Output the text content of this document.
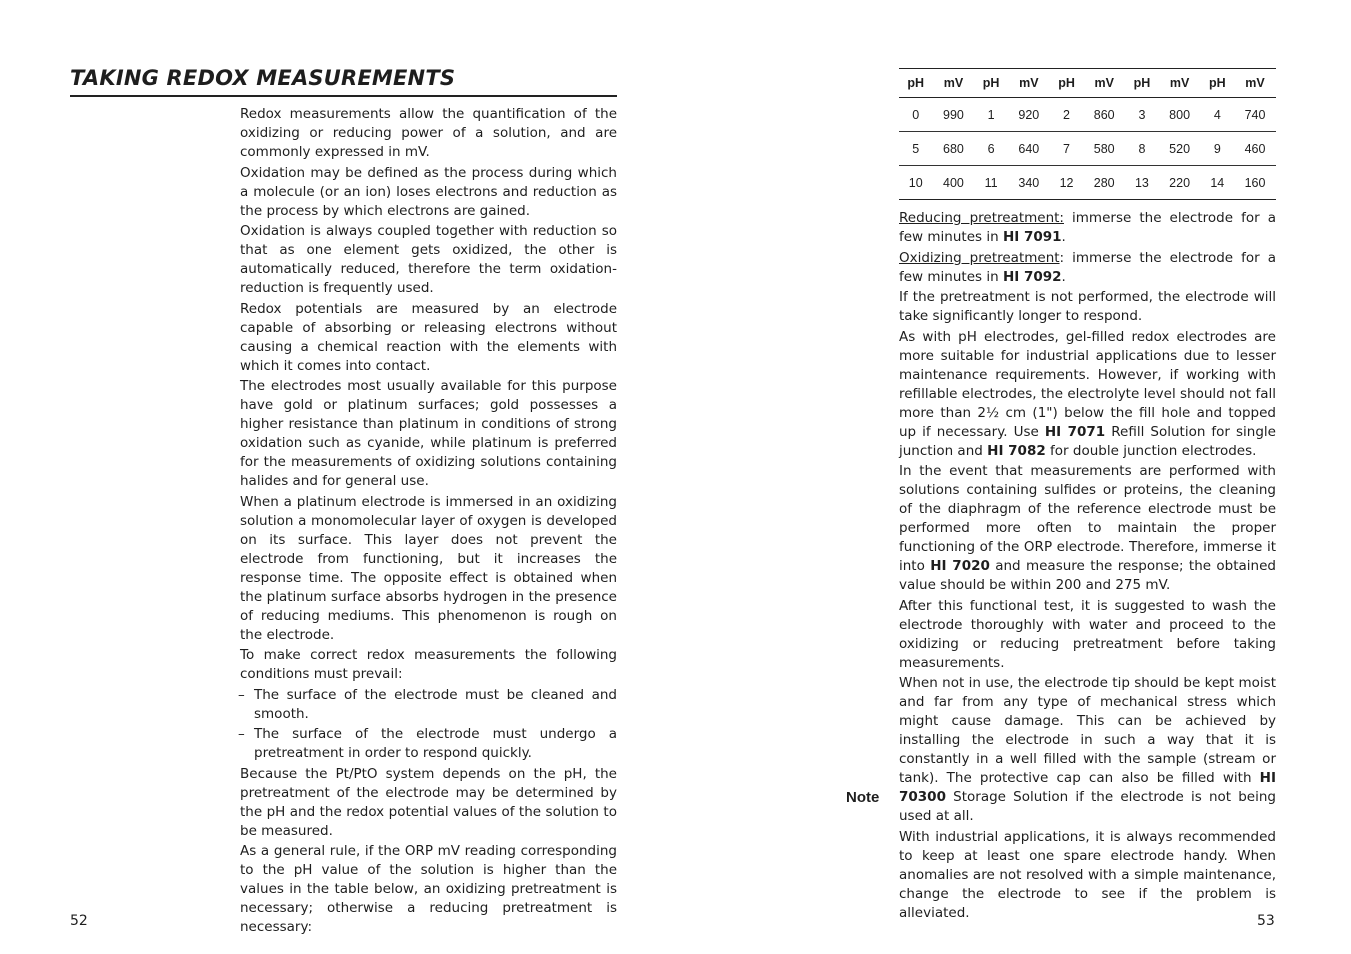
TAKING REDOX MEASUREMENTS

Redox measurements allow the quantification of the oxidizing or reducing power of a solution, and are commonly expressed in mV.

Oxidation may be defined as the process during which a molecule (or an ion) loses electrons and reduction as the process by which electrons are gained.

Oxidation is always coupled together with reduction so that as one element gets oxidized, the other is automatically reduced, therefore the term oxidation-reduction is frequently used.

Redox potentials are measured by an electrode capable of absorbing or releasing electrons without causing a chemical reaction with the elements with which it comes into contact.

The electrodes most usually available for this purpose have gold or platinum surfaces; gold possesses a higher resistance than platinum in conditions of strong oxidation such as cyanide, while platinum is preferred for the measurements of oxidizing solutions containing halides and for general use.

When a platinum electrode is immersed in an oxidizing solution a monomolecular layer of oxygen is developed on its surface. This layer does not prevent the electrode from functioning, but it increases the response time. The opposite effect is obtained when the platinum surface absorbs hydrogen in the presence of reducing mediums. This phenomenon is rough on the electrode.

To make correct redox measurements the following conditions must prevail:

– The surface of the electrode must be cleaned and smooth.

– The surface of the electrode must undergo a pretreatment in order to respond quickly.

Because the Pt/PtO system depends on the pH, the pretreatment of the electrode may be determined by the pH and the redox potential values of the solution to be measured.

As a general rule, if the ORP mV reading corresponding to the pH value of the solution is higher than the values in the table below, an oxidizing pretreatment is necessary; otherwise a reducing pretreatment is necessary:

52
pH	mV	pH	mV	pH	mV	pH	mV	pH	mV
0	990	1	920	2	860	3	800	4	740
5	680	6	640	7	580	8	520	9	460
10	400	11	340	12	280	13	220	14	160

Reducing pretreatment: immerse the electrode for a few minutes in HI 7091.

Oxidizing pretreatment: immerse the electrode for a few minutes in HI 7092.

If the pretreatment is not performed, the electrode will take significantly longer to respond.

As with pH electrodes, gel-filled redox electrodes are more suitable for industrial applications due to lesser maintenance requirements. However, if working with refillable electrodes, the electrolyte level should not fall more than 2½ cm (1") below the fill hole and topped up if necessary. Use HI 7071 Refill Solution for single junction and HI 7082 for double junction electrodes.

In the event that measurements are performed with solutions containing sulfides or proteins, the cleaning of the diaphragm of the reference electrode must be performed more often to maintain the proper functioning of the ORP electrode. Therefore, immerse it into HI 7020 and measure the response; the obtained value should be within 200 and 275 mV.

After this functional test, it is suggested to wash the electrode thoroughly with water and proceed to the oxidizing or reducing pretreatment before taking measurements.

When not in use, the electrode tip should be kept moist and far from any type of mechanical stress which might cause damage. This can be achieved by installing the electrode in such a way that it is constantly in a well filled with the sample (stream or tank). The protective cap can also be filled with HI 70300 Storage Solution if the electrode is not being used at all.

With industrial applications, it is always recommended to keep at least one spare electrode handy. When anomalies are not resolved with a simple maintenance, change the electrode to see if the problem is alleviated.

Note
53
